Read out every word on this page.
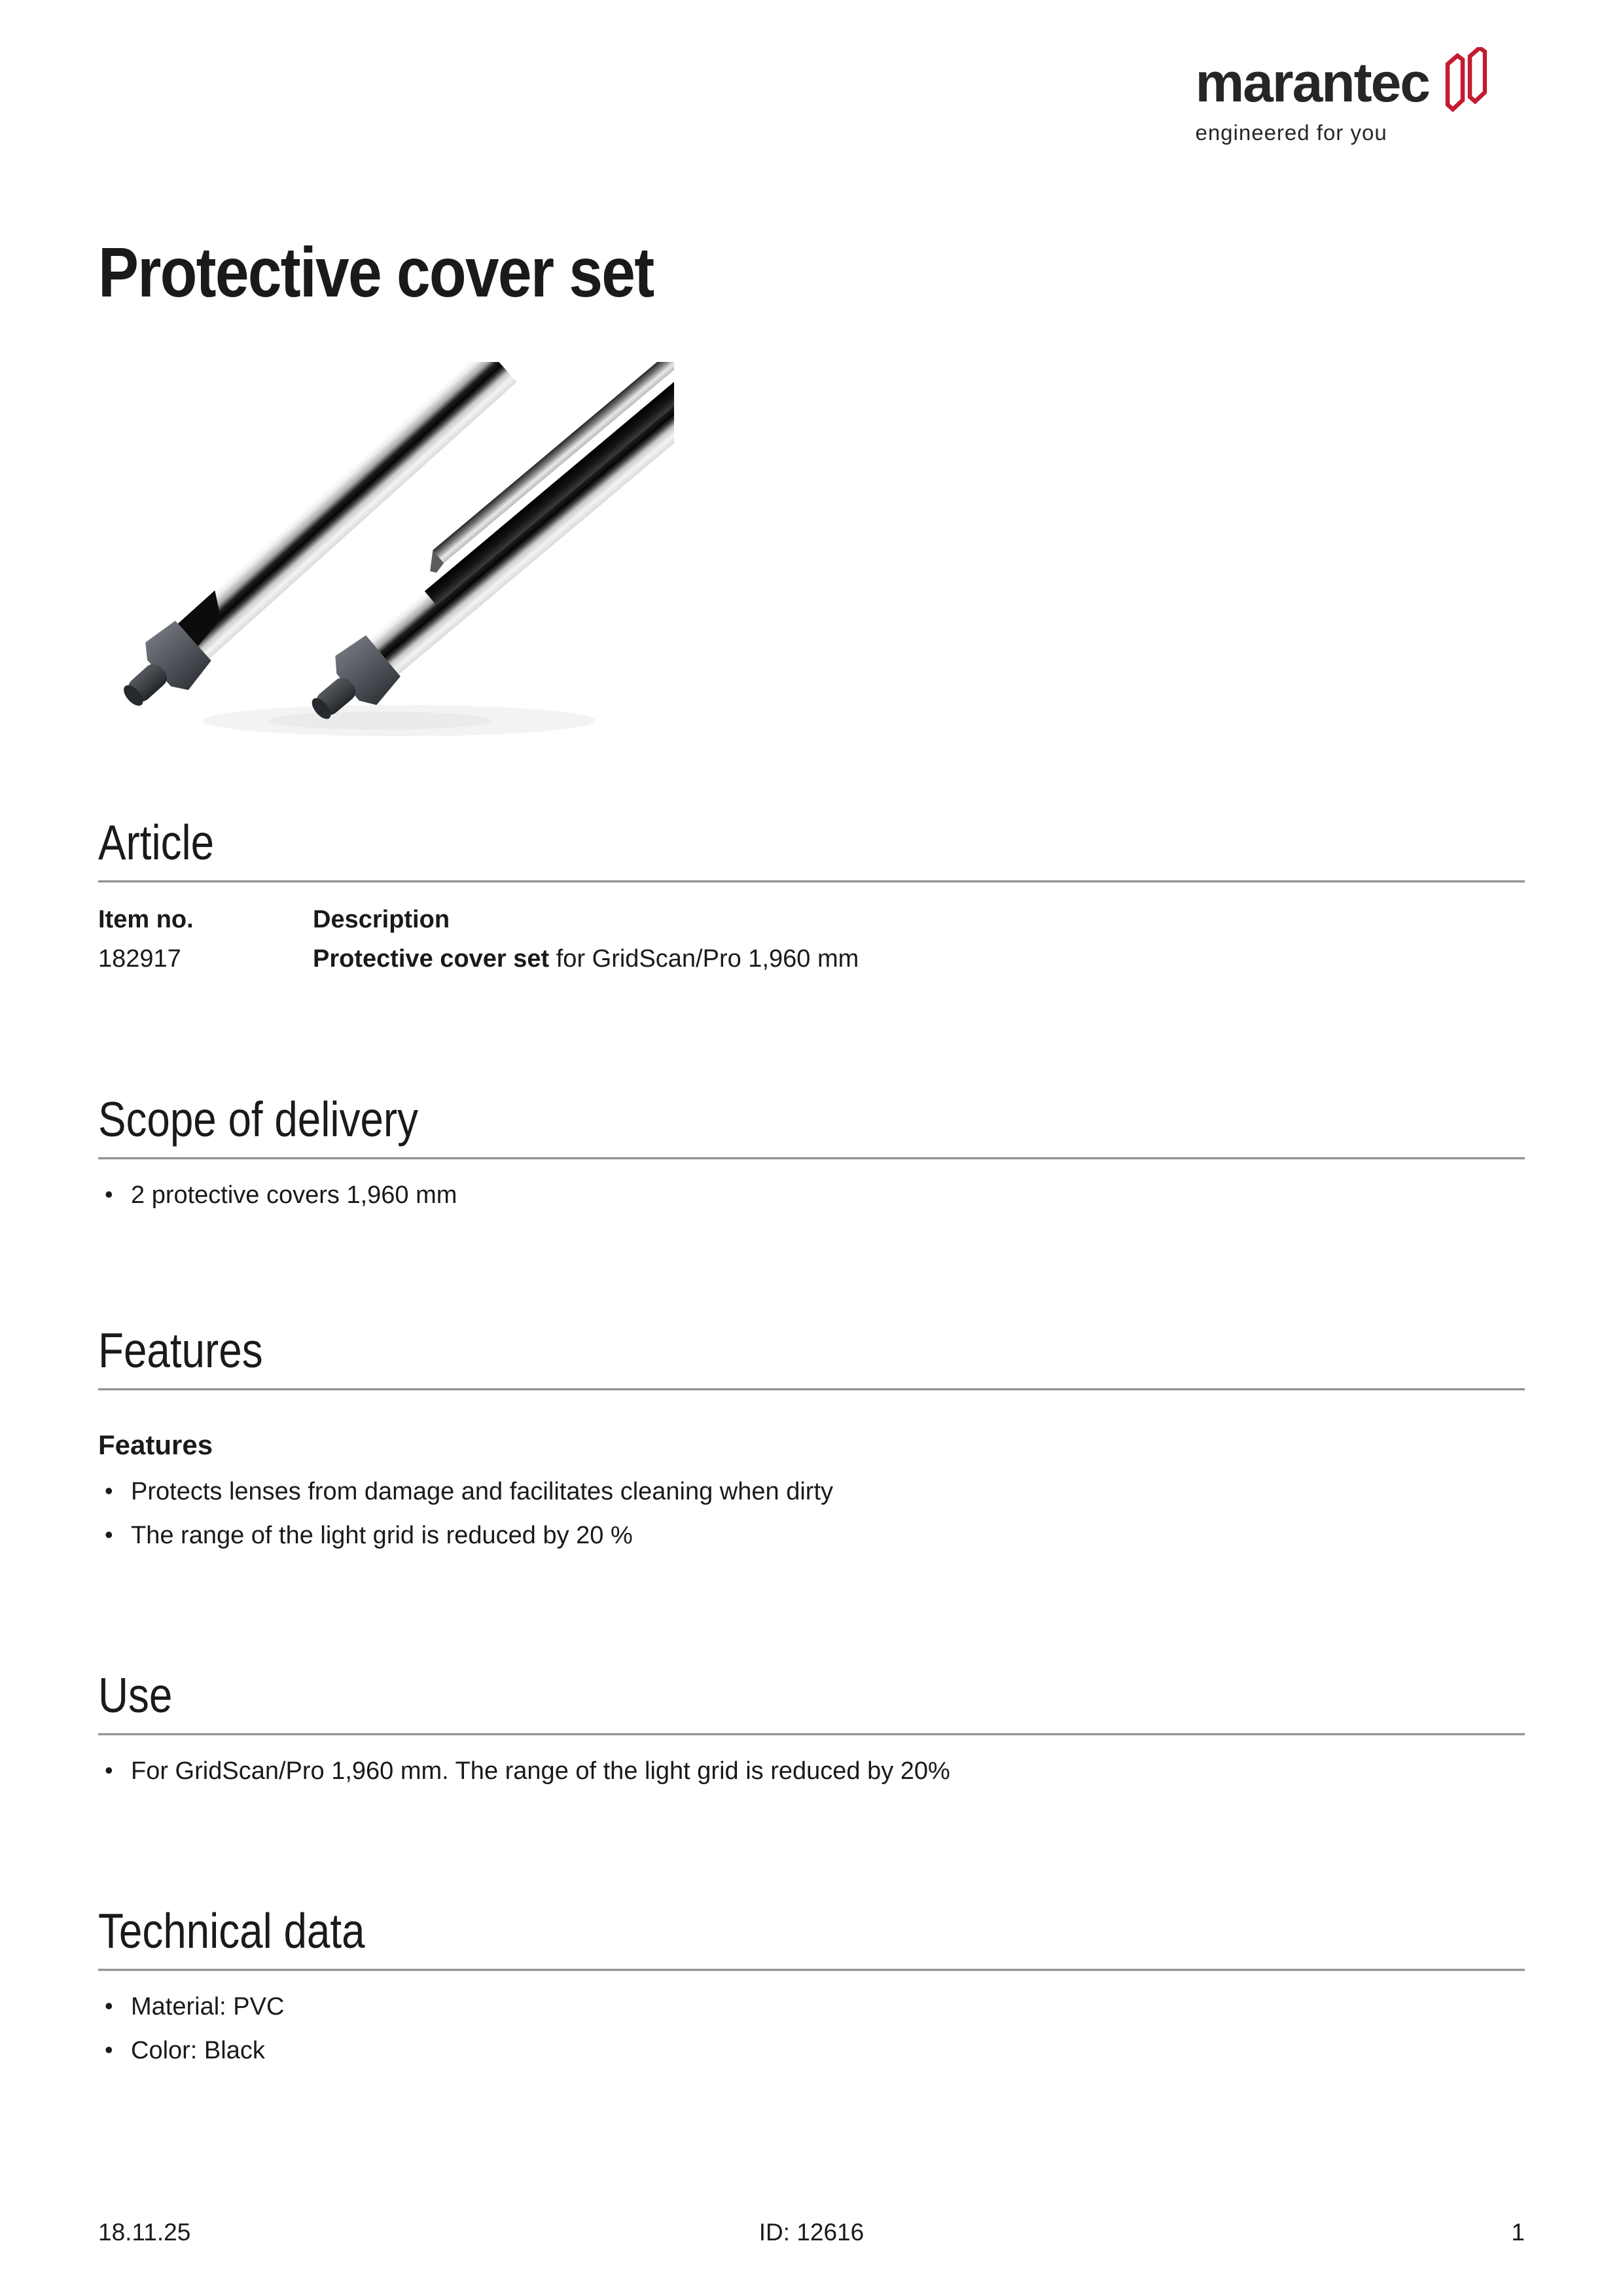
marantec
engineered for you
Protective cover set
Article
Item no.	Description
182917	Protective cover set for GridScan/Pro 1,960 mm
Scope of delivery
• 2 protective covers 1,960 mm
Features
Features
• Protects lenses from damage and facilitates cleaning when dirty
• The range of the light grid is reduced by 20 %
Use
• For GridScan/Pro 1,960 mm. The range of the light grid is reduced by 20%
Technical data
• Material: PVC
• Color: Black
18.11.25	ID: 12616	1
